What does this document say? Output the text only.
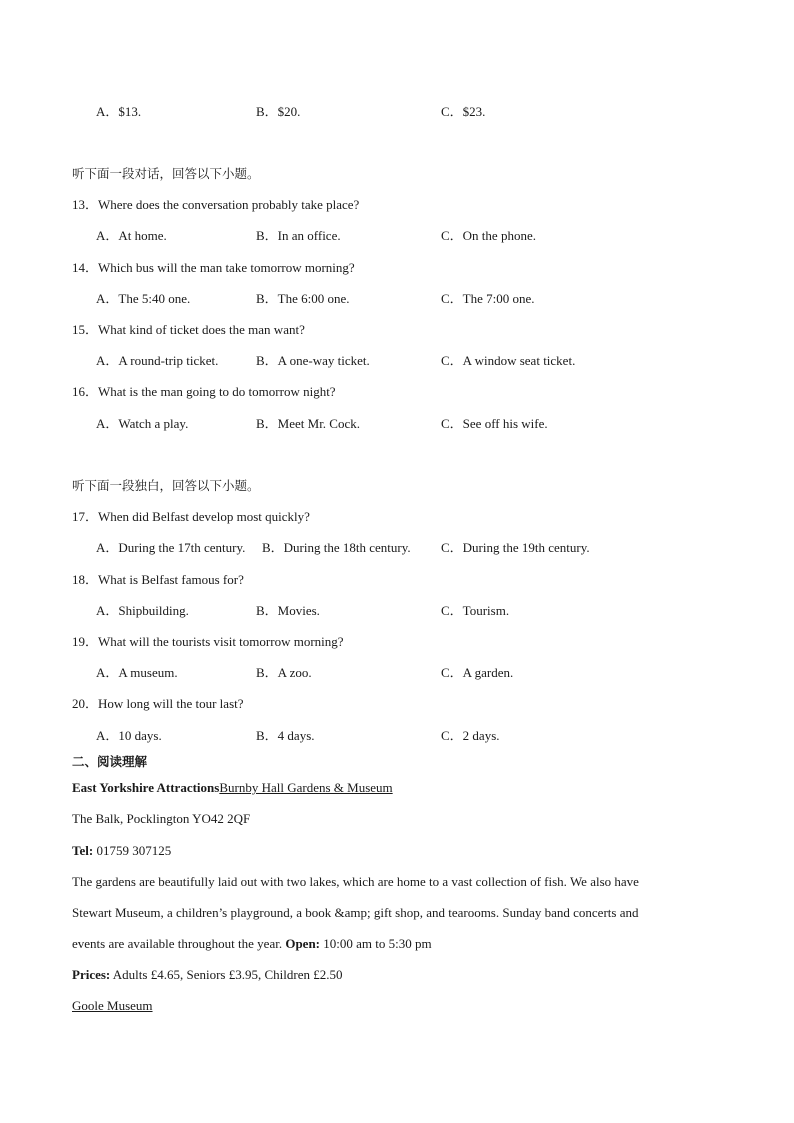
A．$13.	B．$20.	C．$23.
听下面一段对话，回答以下小题。
13．Where does the conversation probably take place?
A．At home.	B．In an office.	C．On the phone.
14．Which bus will the man take tomorrow morning?
A．The 5:40 one.	B．The 6:00 one.	C．The 7:00 one.
15．What kind of ticket does the man want?
A．A round-trip ticket.	B．A one-way ticket.	C．A window seat ticket.
16．What is the man going to do tomorrow night?
A．Watch a play.	B．Meet Mr. Cock.	C．See off his wife.
听下面一段独白，回答以下小题。
17．When did Belfast develop most quickly?
A．During the 17th century. B．During the 18th century. C．During the 19th century.
18．What is Belfast famous for?
A．Shipbuilding.	B．Movies.	C．Tourism.
19．What will the tourists visit tomorrow morning?
A．A museum.	B．A zoo.	C．A garden.
20．How long will the tour last?
A．10 days.	B．4 days.	C．2 days.
二、阅读理解
East Yorkshire AttractionsBurnby Hall Gardens & Museum
The Balk, Pocklington YO42 2QF
Tel: 01759 307125
The gardens are beautifully laid out with two lakes, which are home to a vast collection of fish. We also have
Stewart Museum, a children’s playground, a book &amp; gift shop, and tearooms. Sunday band concerts and
events are available throughout the year. Open: 10:00 am to 5:30 pm
Prices: Adults £4.65, Seniors £3.95, Children £2.50
Goole Museum
